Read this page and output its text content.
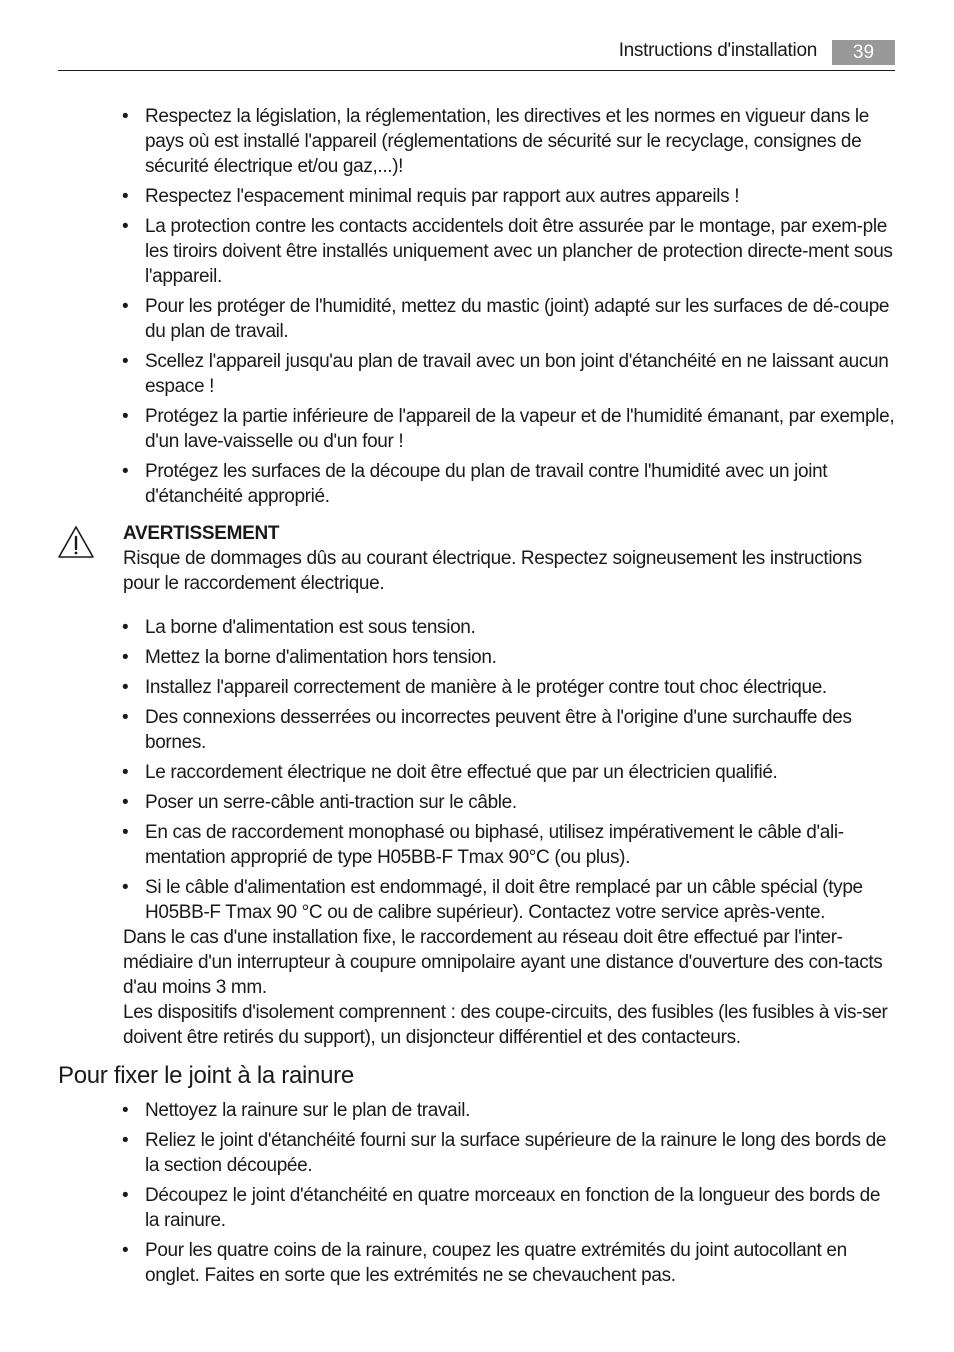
Instructions d'installation	39
• Respectez la législation, la réglementation, les directives et les normes en vigueur dans le pays où est installé l'appareil (réglementations de sécurité sur le recyclage, consignes de sécurité électrique et/ou gaz,...)!
• Respectez l'espacement minimal requis par rapport aux autres appareils !
• La protection contre les contacts accidentels doit être assurée par le montage, par exem-ple les tiroirs doivent être installés uniquement avec un plancher de protection directe-ment sous l'appareil.
• Pour les protéger de l'humidité, mettez du mastic (joint) adapté sur les surfaces de dé-coupe du plan de travail.
• Scellez l'appareil jusqu'au plan de travail avec un bon joint d'étanchéité en ne laissant aucun espace !
• Protégez la partie inférieure de l'appareil de la vapeur et de l'humidité émanant, par exemple, d'un lave-vaisselle ou d'un four !
• Protégez les surfaces de la découpe du plan de travail contre l'humidité avec un joint d'étanchéité approprié.
AVERTISSEMENT
Risque de dommages dûs au courant électrique. Respectez soigneusement les instructions pour le raccordement électrique.
• La borne d'alimentation est sous tension.
• Mettez la borne d'alimentation hors tension.
• Installez l'appareil correctement de manière à le protéger contre tout choc électrique.
• Des connexions desserrées ou incorrectes peuvent être à l'origine d'une surchauffe des bornes.
• Le raccordement électrique ne doit être effectué que par un électricien qualifié.
• Poser un serre-câble anti-traction sur le câble.
• En cas de raccordement monophasé ou biphasé, utilisez impérativement le câble d'ali-mentation approprié de type H05BB-F Tmax 90°C (ou plus).
• Si le câble d'alimentation est endommagé, il doit être remplacé par un câble spécial (type H05BB-F Tmax 90 °C ou de calibre supérieur). Contactez votre service après-vente.
Dans le cas d'une installation fixe, le raccordement au réseau doit être effectué par l'inter-médiaire d'un interrupteur à coupure omnipolaire ayant une distance d'ouverture des con-tacts d'au moins 3 mm.
Les dispositifs d'isolement comprennent : des coupe-circuits, des fusibles (les fusibles à vis-ser doivent être retirés du support), un disjoncteur différentiel et des contacteurs.
Pour fixer le joint à la rainure
• Nettoyez la rainure sur le plan de travail.
• Reliez le joint d'étanchéité fourni sur la surface supérieure de la rainure le long des bords de la section découpée.
• Découpez le joint d'étanchéité en quatre morceaux en fonction de la longueur des bords de la rainure.
• Pour les quatre coins de la rainure, coupez les quatre extrémités du joint autocollant en onglet. Faites en sorte que les extrémités ne se chevauchent pas.
